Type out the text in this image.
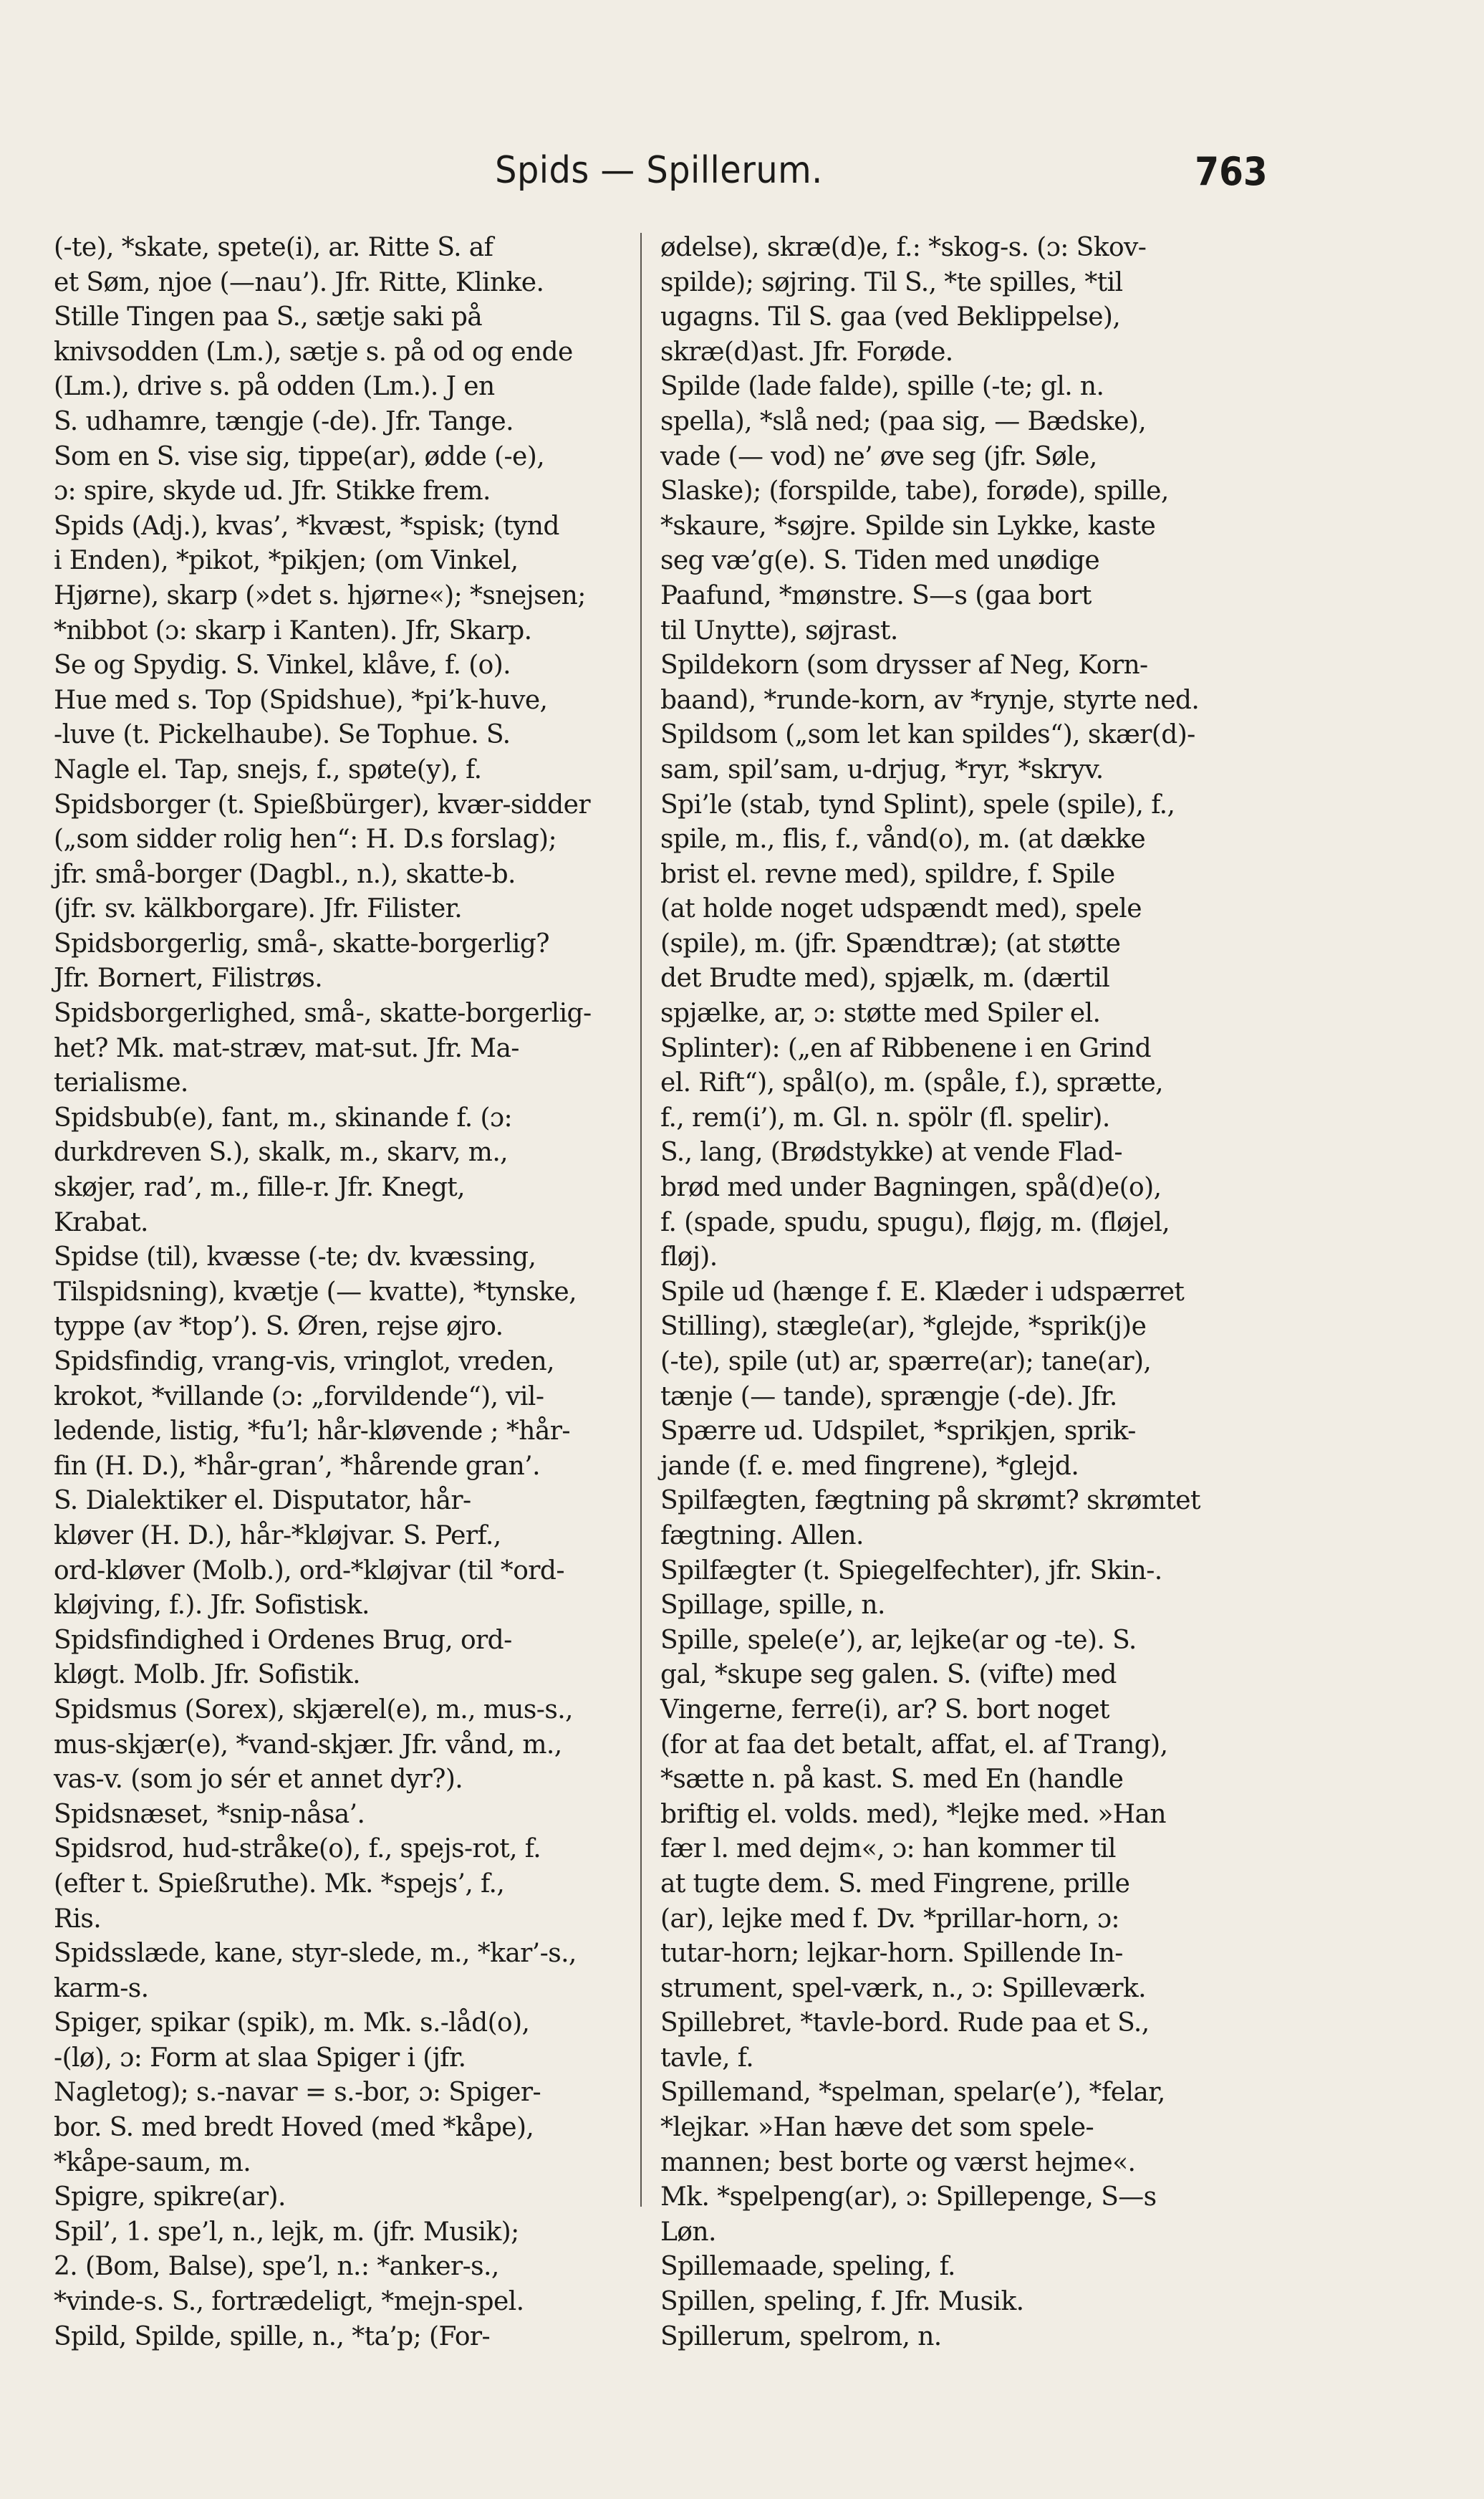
Spids — Spillerum.	763
(-te), *skate, spete(i), ar. Ritte S. af
et Søm, njoe (—nau’). Jfr. Ritte, Klinke.
Stille Tingen paa S., sætje saki på
knivsodden (Lm.), sætje s. på od og ende
(Lm.), drive s. på odden (Lm.). J en
S. udhamre, tængje (-de). Jfr. Tange.
Som en S. vise sig, tippe(ar), ødde (-e),
ɔ: spire, skyde ud. Jfr. Stikke frem.
Spids (Adj.), kvas’, *kvæst, *spisk; (tynd
i Enden), *pikot, *pikjen; (om Vinkel,
Hjørne), skarp (»det s. hjørne«); *snejsen;
*nibbot (ɔ: skarp i Kanten). Jfr, Skarp.
Se og Spydig. S. Vinkel, klåve, f. (o).
Hue med s. Top (Spidshue), *pi’k-huve,
-luve (t. Pickelhaube). Se Tophue. S.
Nagle el. Tap, snejs, f., spøte(y), f.
Spidsborger (t. Spießbürger), kvær-sidder
(„som sidder rolig hen“: H. D.s forslag);
jfr. små-borger (Dagbl., n.), skatte-b.
(jfr. sv. kälkborgare). Jfr. Filister.
Spidsborgerlig, små-, skatte-borgerlig?
Jfr. Bornert, Filistrøs.
Spidsborgerlighed, små-, skatte-borgerlig-
het? Mk. mat-stræv, mat-sut. Jfr. Ma-
terialisme.
Spidsbub(e), fant, m., skinande f. (ɔ:
durkdreven S.), skalk, m., skarv, m.,
skøjer, rad’, m., fille-r. Jfr. Knegt,
Krabat.
Spidse (til), kvæsse (-te; dv. kvæssing,
Tilspidsning), kvætje (— kvatte), *tynske,
typpe (av *top’). S. Øren, rejse øjro.
Spidsfindig, vrang-vis, vringlot, vreden,
krokot, *villande (ɔ: „forvildende“), vil-
ledende, listig, *fu’l; hår-kløvende ; *hår-
fin (H. D.), *hår-gran’, *hårende gran’.
S. Dialektiker el. Disputator, hår-
kløver (H. D.), hår-*kløjvar. S. Perf.,
ord-kløver (Molb.), ord-*kløjvar (til *ord-
kløjving, f.). Jfr. Sofistisk.
Spidsfindighed i Ordenes Brug, ord-
kløgt. Molb. Jfr. Sofistik.
Spidsmus (Sorex), skjærel(e), m., mus-s.,
mus-skjær(e), *vand-skjær. Jfr. vånd, m.,
vas-v. (som jo sér et annet dyr?).
Spidsnæset, *snip-nåsa’.
Spidsrod, hud-stråke(o), f., spejs-rot, f.
(efter t. Spießruthe). Mk. *spejs’, f.,
Ris.
Spidsslæde, kane, styr-slede, m., *kar’-s.,
karm-s.
Spiger, spikar (spik), m. Mk. s.-låd(o),
-(lø), ɔ: Form at slaa Spiger i (jfr.
Nagletog); s.-navar = s.-bor, ɔ: Spiger-
bor. S. med bredt Hoved (med *kåpe),
*kåpe-saum, m.
Spigre, spikre(ar).
Spil’, 1. spe’l, n., lejk, m. (jfr. Musik);
2. (Bom, Balse), spe’l, n.: *anker-s.,
*vinde-s. S., fortrædeligt, *mejn-spel.
Spild, Spilde, spille, n., *ta’p; (For-
ødelse), skræ(d)e, f.: *skog-s. (ɔ: Skov-
spilde); søjring. Til S., *te spilles, *til
ugagns. Til S. gaa (ved Beklippelse),
skræ(d)ast. Jfr. Forøde.
Spilde (lade falde), spille (-te; gl. n.
spella), *slå ned; (paa sig, — Bædske),
vade (— vod) ne’ øve seg (jfr. Søle,
Slaske); (forspilde, tabe), forøde), spille,
*skaure, *søjre. Spilde sin Lykke, kaste
seg væ’g(e). S. Tiden med unødige
Paafund, *mønstre. S—s (gaa bort
til Unytte), søjrast.
Spildekorn (som drysser af Neg, Korn-
baand), *runde-korn, av *rynje, styrte ned.
Spildsom („som let kan spildes“), skær(d)-
sam, spil’sam, u-drjug, *ryr, *skryv.
Spi’le (stab, tynd Splint), spele (spile), f.,
spile, m., flis, f., vånd(o), m. (at dække
brist el. revne med), spildre, f. Spile
(at holde noget udspændt med), spele
(spile), m. (jfr. Spændtræ); (at støtte
det Brudte med), spjælk, m. (dærtil
spjælke, ar, ɔ: støtte med Spiler el.
Splinter): („en af Ribbenene i en Grind
el. Rift“), spål(o), m. (spåle, f.), sprætte,
f., rem(i’), m. Gl. n. spölr (fl. spelir).
S., lang, (Brødstykke) at vende Flad-
brød med under Bagningen, spå(d)e(o),
f. (spade, spudu, spugu), fløjg, m. (fløjel,
fløj).
Spile ud (hænge f. E. Klæder i udspærret
Stilling), stægle(ar), *glejde, *sprik(j)e
(-te), spile (ut) ar, spærre(ar); tane(ar),
tænje (— tande), sprængje (-de). Jfr.
Spærre ud. Udspilet, *sprikjen, sprik-
jande (f. e. med fingrene), *glejd.
Spilfægten, fægtning på skrømt? skrømtet
fægtning. Allen.
Spilfægter (t. Spiegelfechter), jfr. Skin-.
Spillage, spille, n.
Spille, spele(e’), ar, lejke(ar og -te). S.
gal, *skupe seg galen. S. (vifte) med
Vingerne, ferre(i), ar? S. bort noget
(for at faa det betalt, affat, el. af Trang),
*sætte n. på kast. S. med En (handle
briftig el. volds. med), *lejke med. »Han
fær l. med dejm«, ɔ: han kommer til
at tugte dem. S. med Fingrene, prille
(ar), lejke med f. Dv. *prillar-horn, ɔ:
tutar-horn; lejkar-horn. Spillende In-
strument, spel-værk, n., ɔ: Spilleværk.
Spillebret, *tavle-bord. Rude paa et S.,
tavle, f.
Spillemand, *spelman, spelar(e’), *felar,
*lejkar. »Han hæve det som spele-
mannen; best borte og værst hejme«.
Mk. *spelpeng(ar), ɔ: Spillepenge, S—s
Løn.
Spillemaade, speling, f.
Spillen, speling, f. Jfr. Musik.
Spillerum, spelrom, n.
